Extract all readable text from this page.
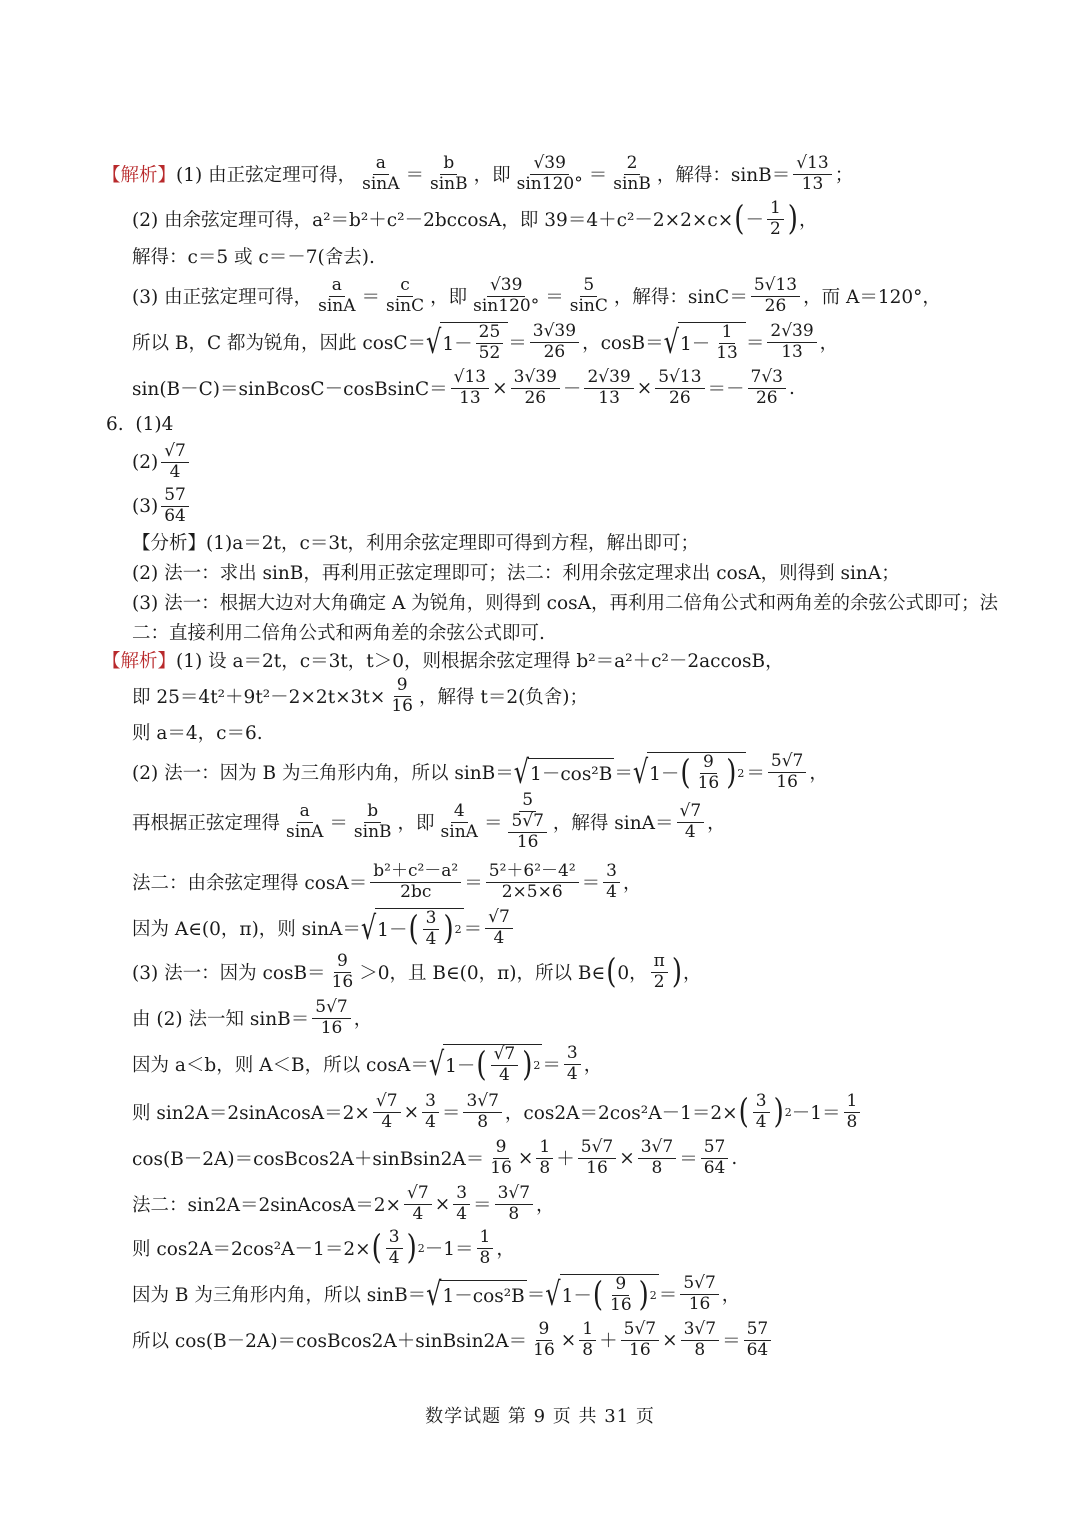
【解析】 (1) 由正弦定理可得， $\frac{a}{\sin A} = \frac{b}{\sin B}$ ，即 $\frac{√39}{\sin 120^\circ} = \frac{2}{\sin B}$ ，解得：$\sin B= \frac{√13}{13}$ ；
(2) 由余弦定理可得，a²＝b²＋c²－2bccosA，即 39＝4＋c²－2×2×c× ( － $\frac{1}{2}$ ) ，
解得：c＝5 或 c＝－7(舍去).
(3) 由正弦定理可得， $\frac{a}{\sin A} = \frac{c}{\sin C}$ ，即 $\frac{√39}{\sin 120^\circ} = \frac{5}{\sin C}$ ，解得：$\sin C= \frac{5√13}{26}$ ，而 A＝120°，
所以 B，C 都为锐角，因此 cosC＝ √ $1- \frac{25}{52} = \frac{3√39}{26}$ ，cosB＝ √ $1- \frac{1}{13} = \frac{2√39}{13}$ ，
sin(B－C)＝sinBcosC－cosBsinC＝ $\frac{√13}{13} \times \frac{3√39}{26} - \frac{2√39}{13} \times \frac{5√13}{26} =- \frac{7√3}{26}$ .
6.
(1)4
$(2) \frac{√7}{4}$
$(3) \frac{57}{64}$
【分析】 (1)a＝2t，c＝3t，利用余弦定理即可得到方程，解出即可；
(2) 法一：求出 sinB，再利用正弦定理即可；法二：利用余弦定理求出 cosA，则得到 sinA；
(3) 法一：根据大边对大角确定 A 为锐角，则得到 cosA，再利用二倍角公式和两角差的余弦公式即可；法
二：直接利用二倍角公式和两角差的余弦公式即可.
【解析】 (1) 设 a＝2t，c＝3t，t＞0，则根据余弦定理得 b²＝a²＋c²－2accosB，
即 $25=4t^2+9t^2-2\times 2t\times 3t\times \frac{9}{16}$ ，解得 t＝2(负舍)；
则 a＝4，c＝6.
(2) 法一：因为 B 为三角形内角，所以 sinB＝ √ 1－cos²B ＝ √ 1－ ( $\frac{9}{16}$ ) $2 = \frac{5√7}{16}$ ，
再根据正弦定理得 $\frac{a}{\sin A} = \frac{b}{\sin B}$ ，即 $\frac{4}{\sin A} = \frac{5}{\frac{5√7}{16}}$ ，解得 $\sin A= \frac{√7}{4}$ ，
法二：由余弦定理得 $\cos A= \frac{\text{b²＋c²－a²}}{2bc} = \frac{\text{5²＋6²－4²}}{2\times 5\times 6} = \frac{3}{4}$ ，
因为 A∈(0，π)，则 sinA＝ √ 1－ ( $\frac{3}{4}$ ) $2 = \frac{√7}{4}$
(3) 法一：因为 $\cos B= \frac{9}{16} >0$，且 B∈(0，π)，所以 B∈ ( 0， $\frac{\pi}{2}$ ) ，
由 (2) 法一知 $\sin B= \frac{5√7}{16}$ ，
因为 a＜b，则 A＜B，所以 cosA＝ √ 1－ ( $\frac{√7}{4}$ ) $2 = \frac{3}{4}$ ，
则 sin2A＝2sinAcosA＝2× $\frac{√7}{4} \times \frac{3}{4} = \frac{3√7}{8}$ ，cos2A＝2cos²A－1＝2× ( $\frac{3}{4}$ ) $2 -1= \frac{1}{8}$
cos(B－2A)＝cosBcos2A＋sinBsin2A＝ $\frac{9}{16} \times \frac{1}{8} + \frac{5√7}{16} \times \frac{3√7}{8} = \frac{57}{64}$ .
法二：sin2A＝2sinAcosA＝2× $\frac{√7}{4} \times \frac{3}{4} = \frac{3√7}{8}$ ，
则 cos2A＝2cos²A－1＝2× ( $\frac{3}{4}$ ) $2 -1= \frac{1}{8}$ ，
因为 B 为三角形内角，所以 sinB＝ √ 1－cos²B ＝ √ 1－ ( $\frac{9}{16}$ ) $2 = \frac{5√7}{16}$ ，
所以 cos(B－2A)＝cosBcos2A＋sinBsin2A＝ $\frac{9}{16} \times \frac{1}{8} + \frac{5√7}{16} \times \frac{3√7}{8} = \frac{57}{64}$
数学试题 第 9 页 共 31 页
